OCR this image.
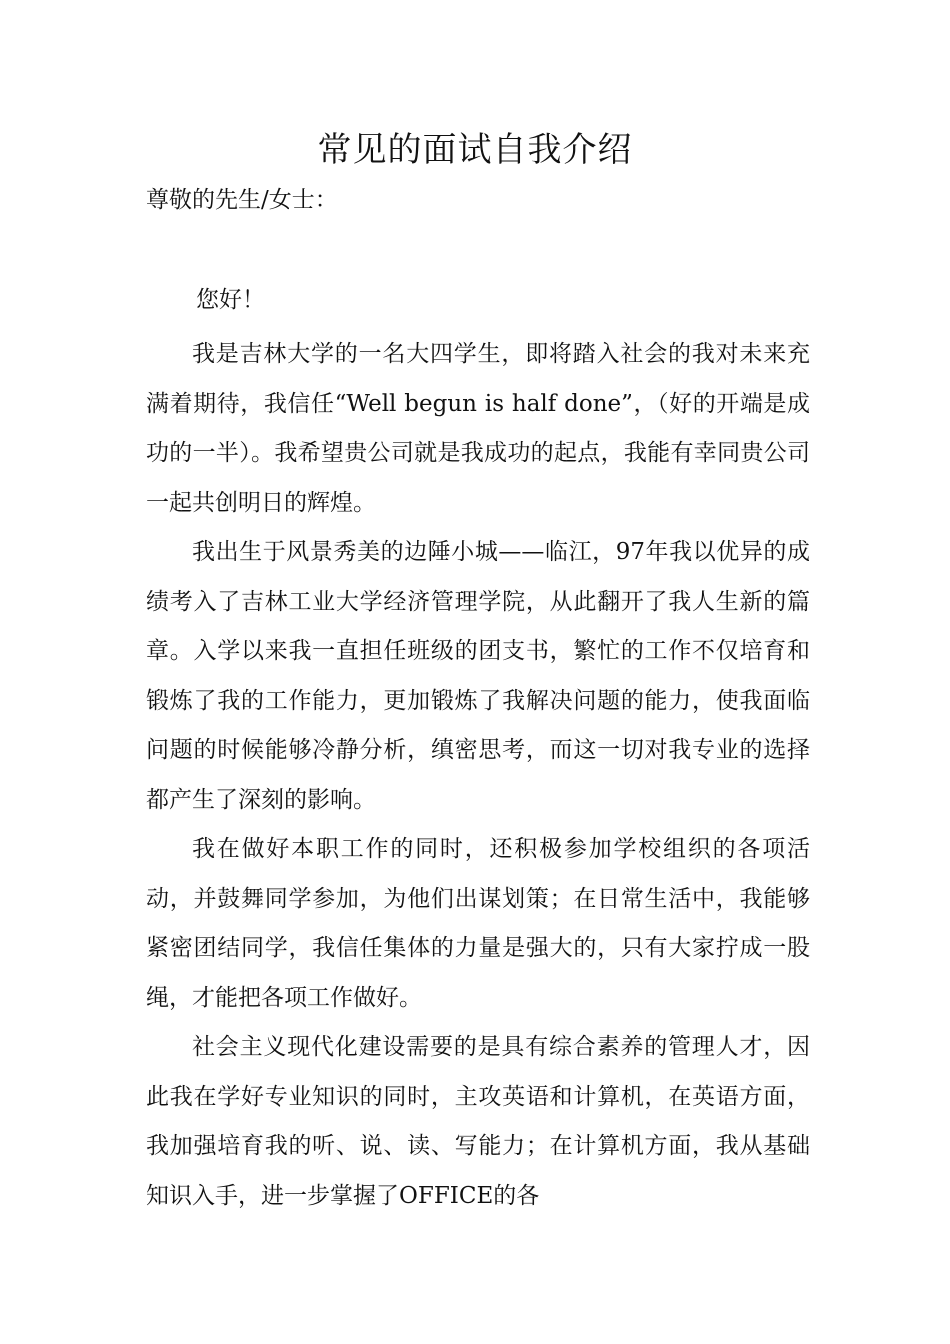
常见的面试自我介绍
尊敬的先生/女士：
您好！

我是吉林大学的一名大四学生，即将踏入社会的我对未来充满着期待，我信任“Well begun is half done”，（好的开端是成功的一半）。我希望贵公司就是我成功的起点，我能有幸同贵公司一起共创明日的辉煌。

我出生于风景秀美的边陲小城——临江，97年我以优异的成绩考入了吉林工业大学经济管理学院，从此翻开了我人生新的篇章。入学以来我一直担任班级的团支书，繁忙的工作不仅培育和锻炼了我的工作能力，更加锻炼了我解决问题的能力，使我面临问题的时候能够冷静分析，缜密思考，而这一切对我专业的选择都产生了深刻的影响。

我在做好本职工作的同时，还积极参加学校组织的各项活动，并鼓舞同学参加，为他们出谋划策；在日常生活中，我能够紧密团结同学，我信任集体的力量是强大的，只有大家拧成一股绳，才能把各项工作做好。

社会主义现代化建设需要的是具有综合素养的管理人才，因此我在学好专业知识的同时，主攻英语和计算机，在英语方面，我加强培育我的听、说、读、写能力；在计算机方面，我从基础知识入手，进一步掌握了OFFICE的各
